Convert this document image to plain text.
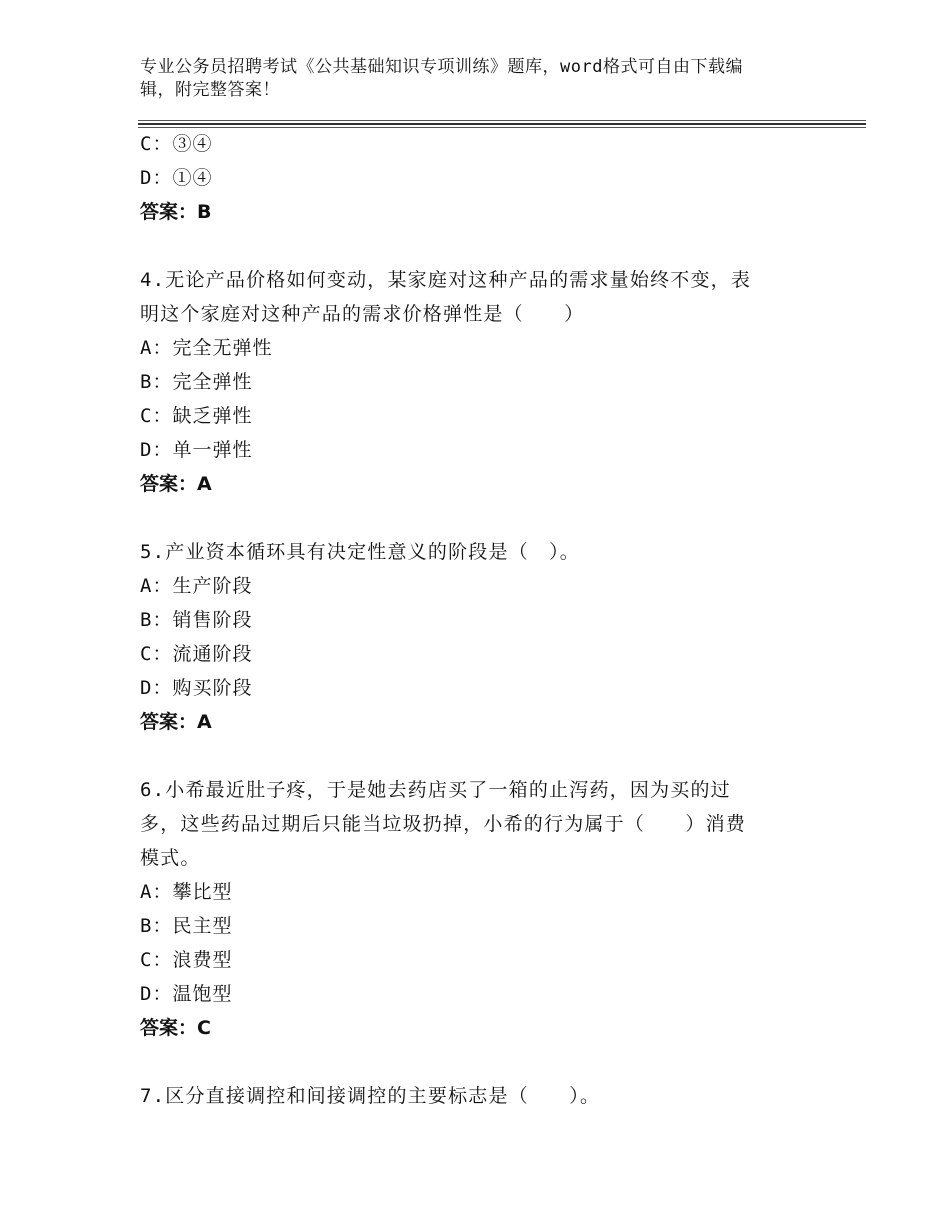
专业公务员招聘考试《公共基础知识专项训练》题库，word格式可自由下载编
辑，附完整答案！
C：③④
D：①④
答案：B
4.无论产品价格如何变动，某家庭对这种产品的需求量始终不变，表
明这个家庭对这种产品的需求价格弹性是（　　）
A：完全无弹性
B：完全弹性
C：缺乏弹性
D：单一弹性
答案：A
5.产业资本循环具有决定性意义的阶段是（　）。
A：生产阶段
B：销售阶段
C：流通阶段
D：购买阶段
答案：A
6.小希最近肚子疼，于是她去药店买了一箱的止泻药，因为买的过
多，这些药品过期后只能当垃圾扔掉，小希的行为属于（　　）消费
模式。
A：攀比型
B：民主型
C：浪费型
D：温饱型
答案：C
7.区分直接调控和间接调控的主要标志是（　　）。
